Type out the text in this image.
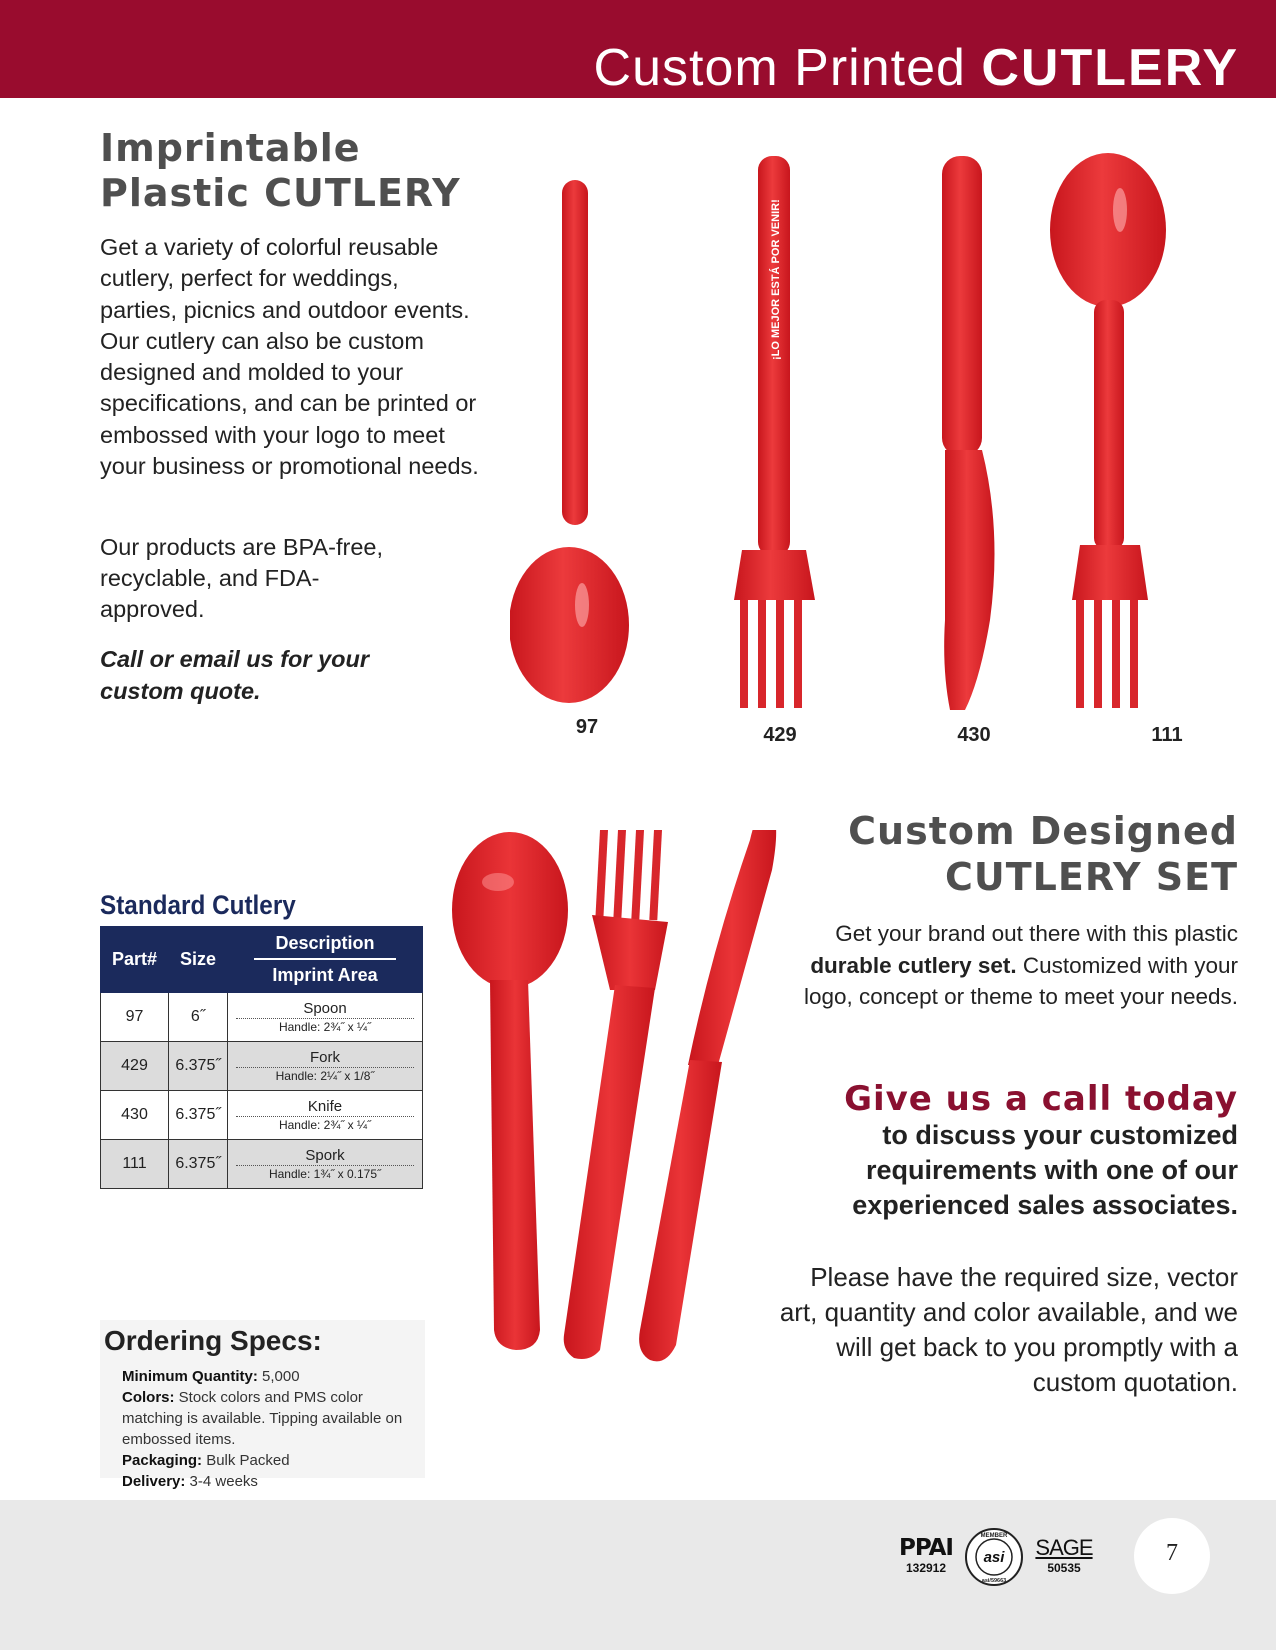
Custom Printed CUTLERY
Imprintable
Plastic CUTLERY

Get a variety of colorful reusable cutlery, perfect for weddings, parties, picnics and outdoor events. Our cutlery can also be custom designed and molded to your specifications, and can be printed or embossed with your logo to meet your business or promotional needs.

Our products are BPA-free, recyclable, and FDA-approved.

Call or email us for your custom quote.

¡LO MEJOR ESTÁ POR VENIR!
97	429	430	111
Standard Cutlery
Part#	Size	Description
Imprint Area

97	6˝	Spoon
Handle: 2¾˝ x ¼˝

429	6.375˝	Fork
Handle: 2¼˝ x 1/8˝

430	6.375˝	Knife
Handle: 2¾˝ x ¼˝

111	6.375˝	Spork
Handle: 1¾˝ x 0.175˝
Ordering Specs:
Minimum Quantity: 5,000
Colors: Stock colors and PMS color matching is available. Tipping available on embossed items.
Packaging: Bulk Packed
Delivery: 3-4 weeks
Custom Designed
CUTLERY SET

Get your brand out there with this plastic durable cutlery set. Customized with your logo, concept or theme to meet your needs.

Give us a call today

to discuss your customized requirements with one of our experienced sales associates.

Please have the required size, vector art, quantity and color available, and we will get back to you promptly with a custom quotation.

PPAI
132912
MEMBER
asi
asi/59663
SAGE
50535
7
